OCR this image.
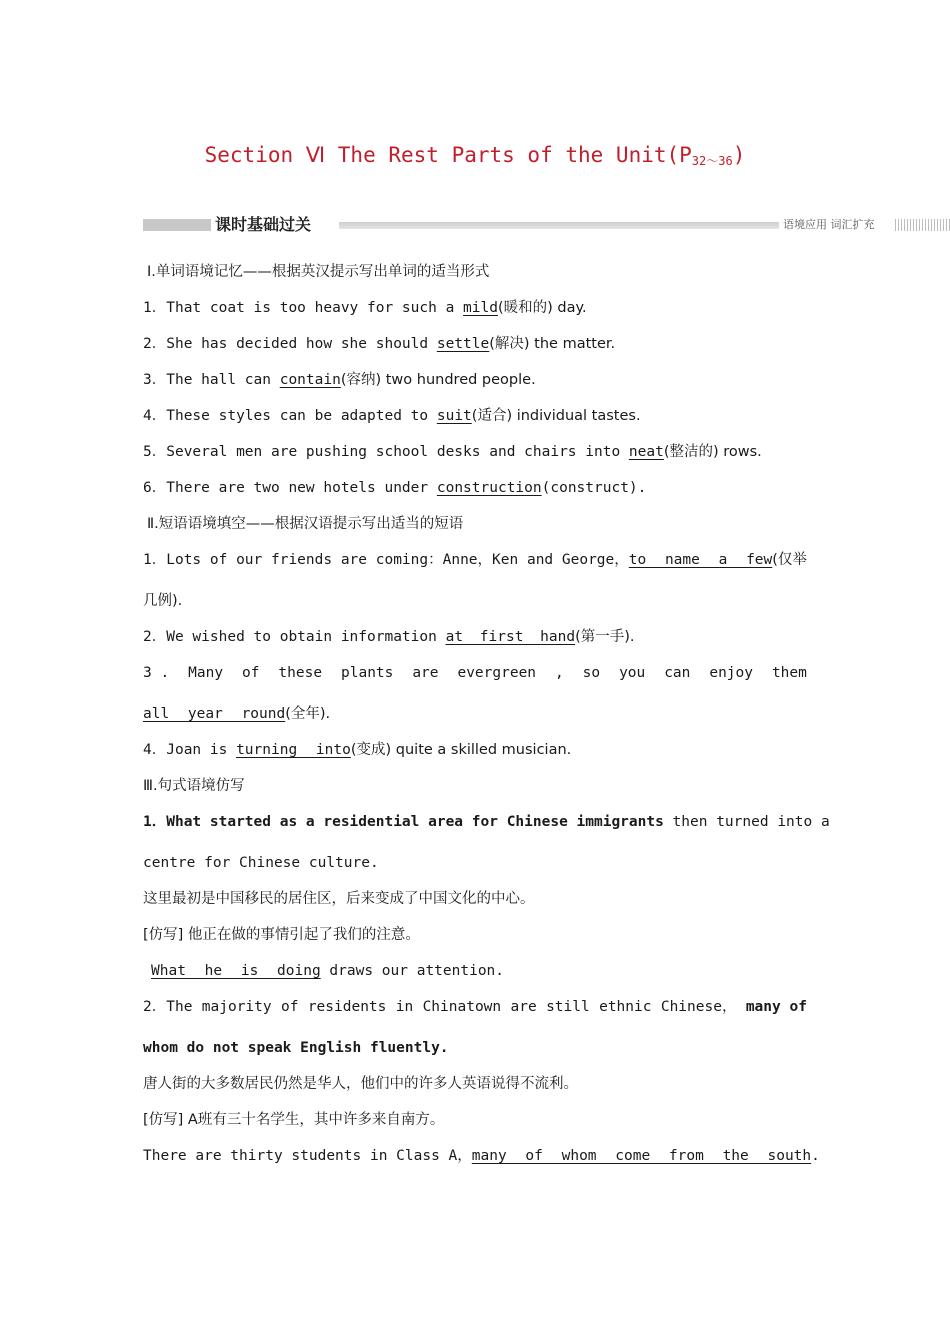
Section Ⅵ The Rest Parts of the $Unit(P_{32\sim 36})$
课时基础过关	语境应用 词汇扩充
Ⅰ.单词语境记忆——根据英汉提示写出单词的适当形式
1．That coat is too heavy for such a mild(暖和的) day.
2．She has decided how she should settle(解决) the matter.
3．The hall can contain(容纳) two hundred people.
4．These styles can be adapted to suit(适合) individual tastes.
5．Several men are pushing school desks and chairs into neat(整洁的) rows.
6．There are two new hotels under construction(construct).
Ⅱ.短语语境填空——根据汉语提示写出适当的短语
1．Lots of our friends are coming：Anne，Ken and George，to name a few(仅举
几例).
2．We wished to obtain information at first hand(第一手).
3 . Many of these plants are evergreen , so you can enjoy them
all year round(全年).
4．Joan is turning into(变成) quite a skilled musician.
Ⅲ.句式语境仿写
1．What started as a residential area for Chinese immigrants then turned into a
centre for Chinese culture.
这里最初是中国移民的居住区，后来变成了中国文化的中心。
[仿写] 他正在做的事情引起了我们的注意。
What he is doing draws our attention.
2．The majority of residents in Chinatown are still ethnic Chinese， many of
whom do not speak English fluently.
唐人街的大多数居民仍然是华人，他们中的许多人英语说得不流利。
[仿写] A班有三十名学生，其中许多来自南方。
There are thirty students in Class A，many of whom come from the south.
